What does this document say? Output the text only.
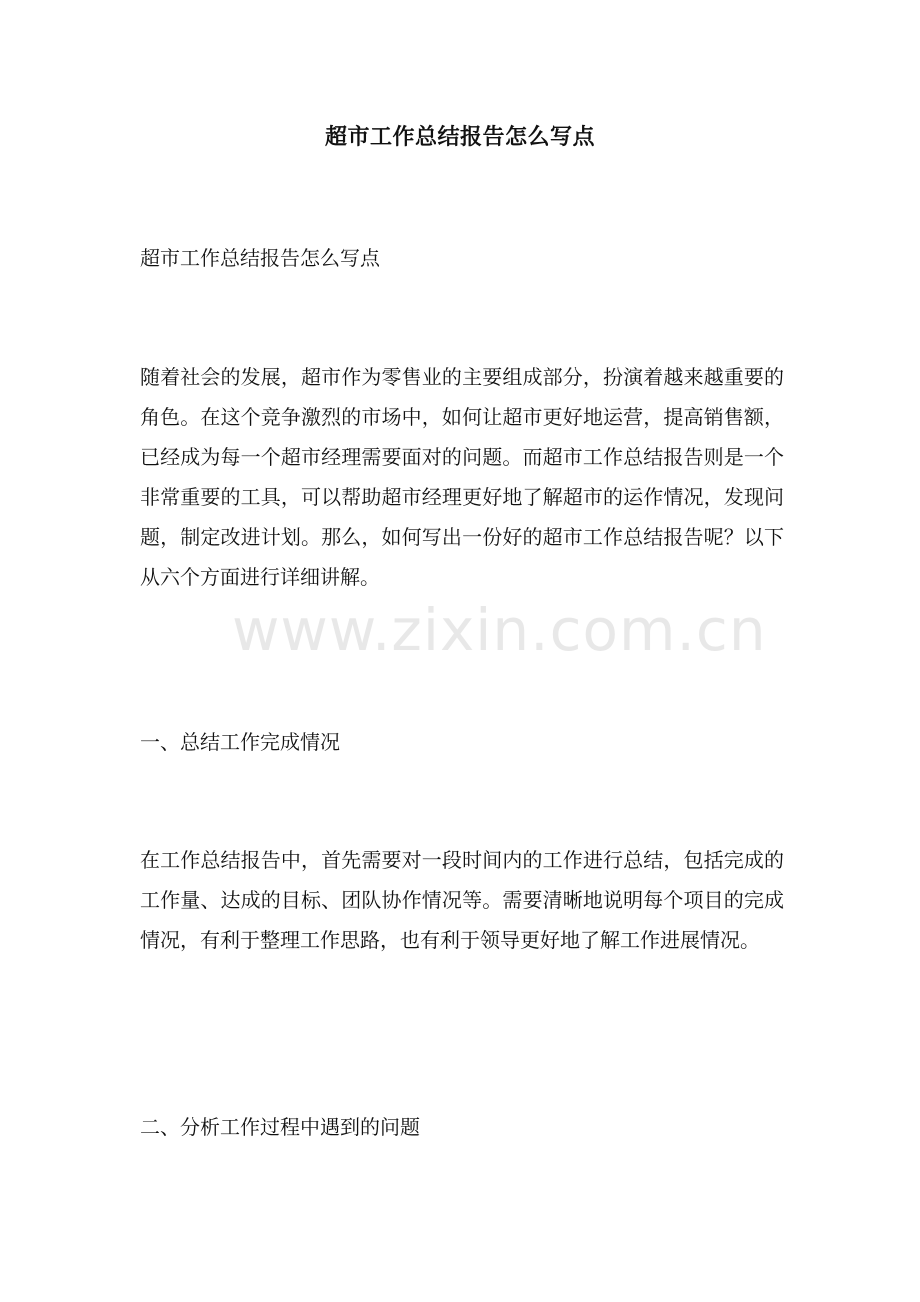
超市工作总结报告怎么写点

超市工作总结报告怎么写点

随着社会的发展，超市作为零售业的主要组成部分，扮演着越来越重要的角色。在这个竞争激烈的市场中，如何让超市更好地运营，提高销售额，已经成为每一个超市经理需要面对的问题。而超市工作总结报告则是一个非常重要的工具，可以帮助超市经理更好地了解超市的运作情况，发现问题，制定改进计划。那么，如何写出一份好的超市工作总结报告呢？以下从六个方面进行详细讲解。

一、总结工作完成情况

在工作总结报告中，首先需要对一段时间内的工作进行总结，包括完成的工作量、达成的目标、团队协作情况等。需要清晰地说明每个项目的完成情况，有利于整理工作思路，也有利于领导更好地了解工作进展情况。

二、分析工作过程中遇到的问题

www.zixin.com.cn
